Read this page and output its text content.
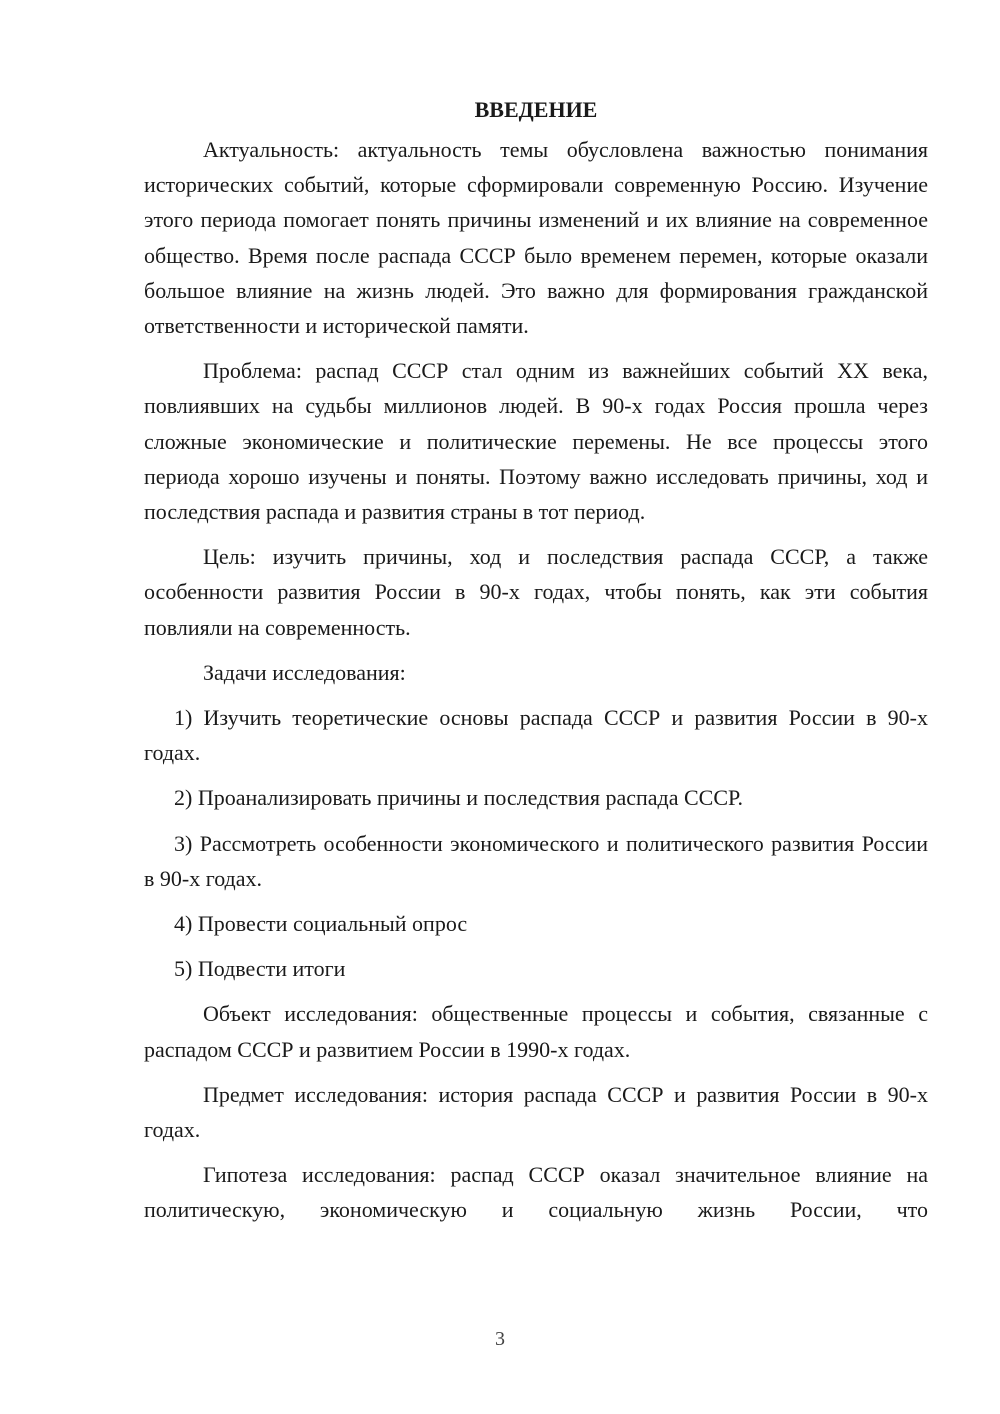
ВВЕДЕНИЕ

Актуальность: актуальность темы обусловлена важностью понимания исторических событий, которые сформировали современную Россию. Изучение этого периода помогает понять причины изменений и их влияние на современное общество. Время после распада СССР было временем перемен, которые оказали большое влияние на жизнь людей. Это важно для формирования гражданской ответственности и исторической памяти.

Проблема: распад СССР стал одним из важнейших событий XX века, повлиявших на судьбы миллионов людей. В 90-х годах Россия прошла через сложные экономические и политические перемены. Не все процессы этого периода хорошо изучены и поняты. Поэтому важно исследовать причины, ход и последствия распада и развития страны в тот период.

Цель: изучить причины, ход и последствия распада СССР, а также особенности развития России в 90-х годах, чтобы понять, как эти события повлияли на современность.

Задачи исследования:

1) Изучить теоретические основы распада СССР и развития России в 90-х годах.

2) Проанализировать причины и последствия распада СССР.

3) Рассмотреть особенности экономического и политического развития России в 90-х годах.

4) Провести социальный опрос

5) Подвести итоги

Объект исследования: общественные процессы и события, связанные с распадом СССР и развитием России в 1990-х годах.

Предмет исследования: история распада СССР и развития России в 90-х годах.

Гипотеза исследования: распад СССР оказал значительное влияние на политическую, экономическую и социальную жизнь России, что

3
